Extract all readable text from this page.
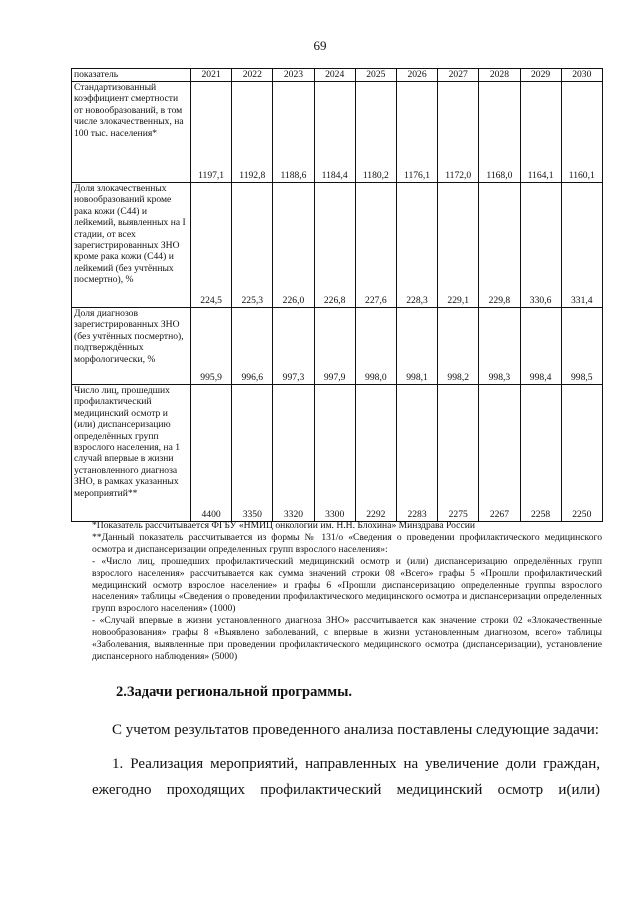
69
показатель	2021	2022	2023	2024	2025	2026	2027	2028	2029	2030
Стандартизованный коэффициент смертности от новообразований, в том числе злокачественных, на 100 тыс. населения*	1197,1	1192,8	1188,6	1184,4	1180,2	1176,1	1172,0	1168,0	1164,1	1160,1
Доля злокачественных новообразований кроме рака кожи (С44) и лейкемий, выявленных на I стадии, от всех зарегистрированных ЗНО кроме рака кожи (С44) и лейкемий (без учтённых посмертно), %	224,5	225,3	226,0	226,8	227,6	228,3	229,1	229,8	330,6	331,4
Доля диагнозов зарегистрированных ЗНО (без учтённых посмертно), подтверждённых морфологически, %	995,9	996,6	997,3	997,9	998,0	998,1	998,2	998,3	998,4	998,5
Число лиц, прошедших профилактический медицинский осмотр и (или) диспансеризацию определённых групп взрослого населения, на 1 случай впервые в жизни установленного диагноза ЗНО, в рамках указанных мероприятий**	4400	3350	3320	3300	2292	2283	2275	2267	2258	2250

*Показатель рассчитывается ФГБУ «НМИЦ онкологии им. Н.Н. Блохина» Минздрава России

**Данный показатель рассчитывается из формы № 131/о «Сведения о проведении профилактического медицинского осмотра и диспансеризации определенных групп взрослого населения»:

- «Число лиц, прошедших профилактический медицинский осмотр и (или) диспансеризацию определённых групп взрослого населения» рассчитывается как сумма значений строки 08 «Всего» графы 5 «Прошли профилактический медицинский осмотр взрослое население» и графы 6 «Прошли диспансеризацию определенные группы взрослого населения» таблицы «Сведения о проведении профилактического медицинского осмотра и диспансеризации определенных групп взрослого населения» (1000)

- «Случай впервые в жизни установленного диагноза ЗНО» рассчитывается как значение строки 02 «Злокачественные новообразования» графы 8 «Выявлено заболеваний, с впервые в жизни установленным диагнозом, всего» таблицы «Заболевания, выявленные при проведении профилактического медицинского осмотра (диспансеризации), установление диспансерного наблюдения» (5000)

2.Задачи региональной программы.

С учетом результатов проведенного анализа поставлены следующие задачи:

1. Реализация мероприятий, направленных на увеличение доли граждан, ежегодно проходящих профилактический медицинский осмотр и(или)
